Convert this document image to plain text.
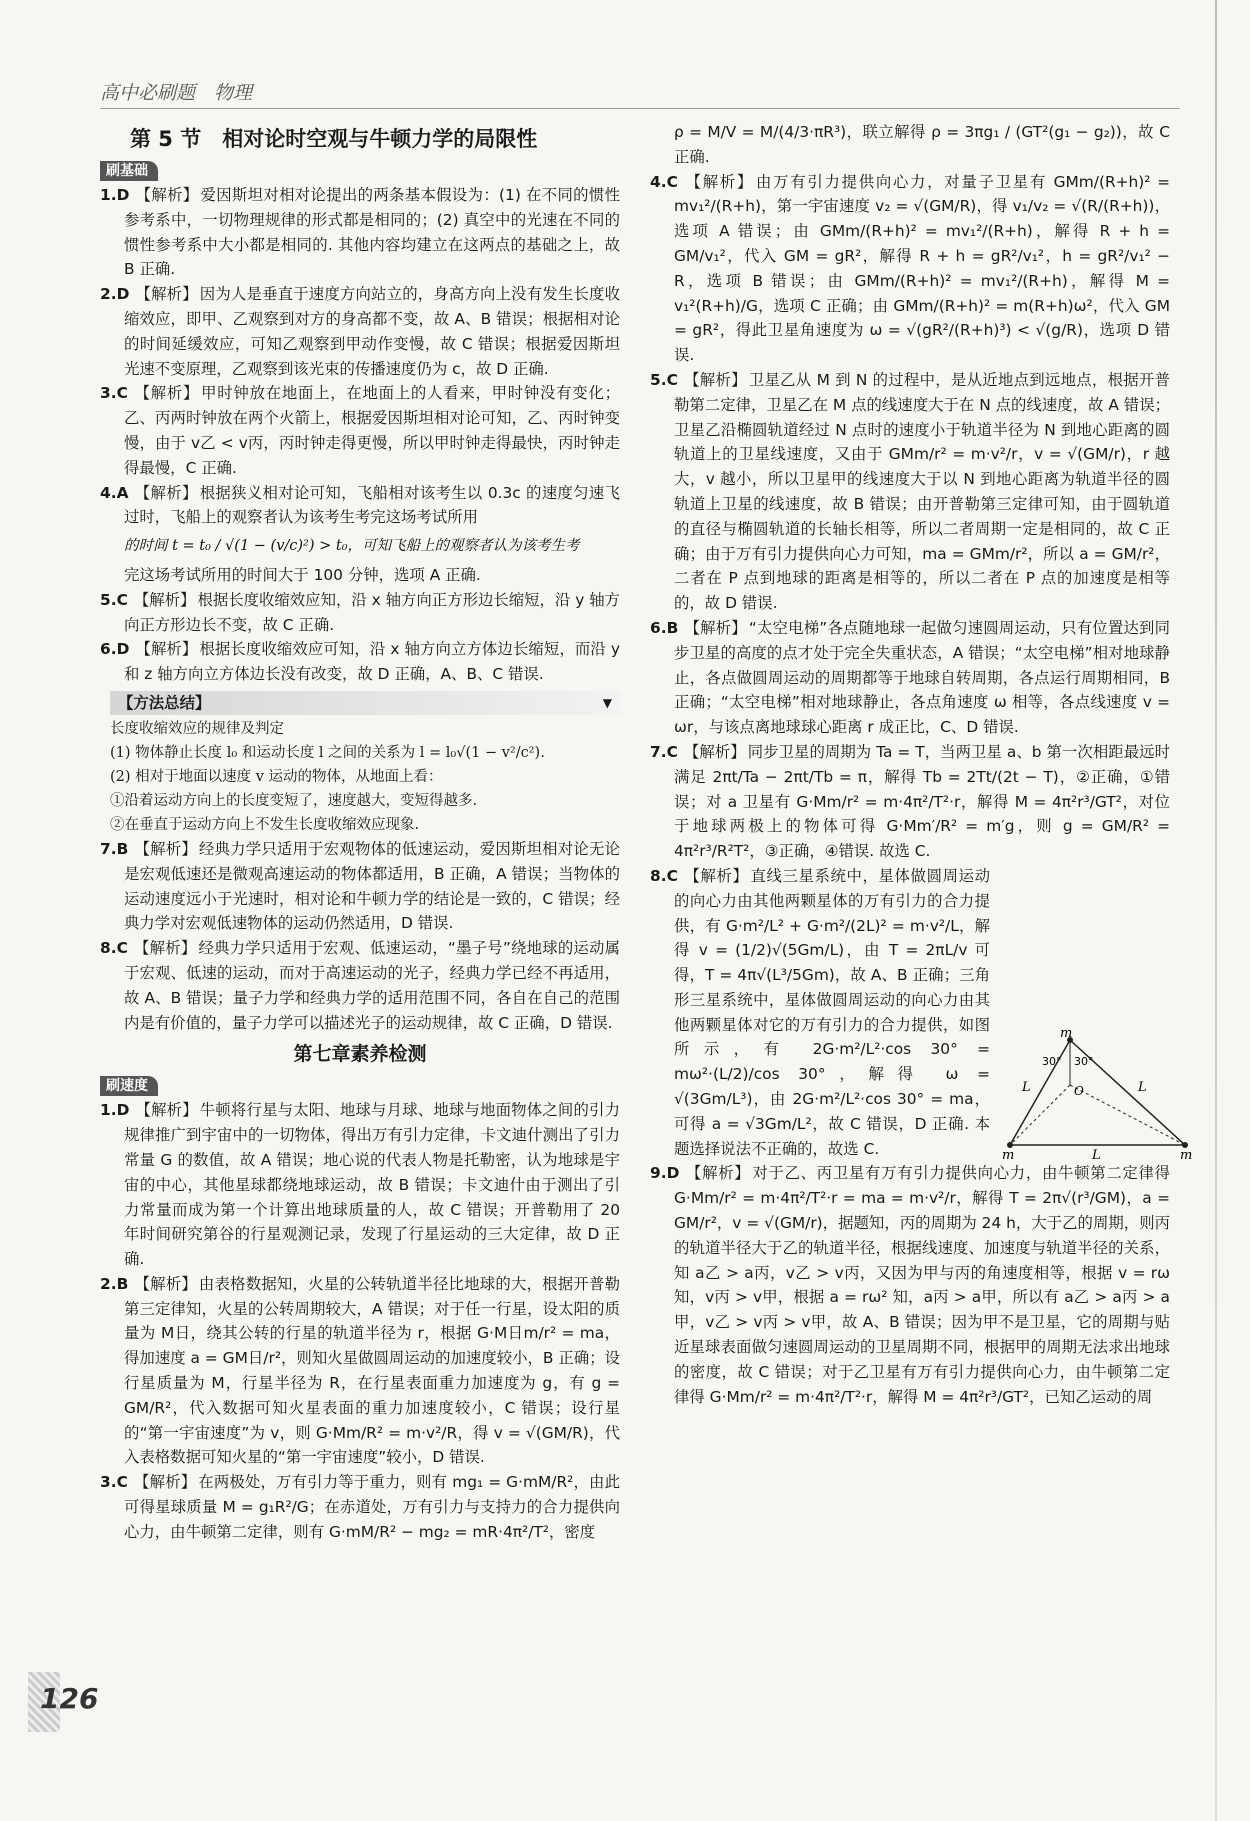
高中必刷题　物理
第 5 节　相对论时空观与牛顿力学的局限性
刷基础

1.D 【解析】 爱因斯坦对相对论提出的两条基本假设为：(1) 在不同的惯性参考系中，一切物理规律的形式都是相同的；(2) 真空中的光速在不同的惯性参考系中大小都是相同的. 其他内容均建立在这两点的基础之上，故 B 正确.

2.D 【解析】 因为人是垂直于速度方向站立的，身高方向上没有发生长度收缩效应，即甲、乙观察到对方的身高都不变，故 A、B 错误；根据相对论的时间延缓效应，可知乙观察到甲动作变慢，故 C 错误；根据爱因斯坦光速不变原理，乙观察到该光束的传播速度仍为 c，故 D 正确.

3.C 【解析】 甲时钟放在地面上，在地面上的人看来，甲时钟没有变化；乙、丙两时钟放在两个火箭上，根据爱因斯坦相对论可知，乙、丙时钟变慢，由于 v乙 < v丙，丙时钟走得更慢，所以甲时钟走得最快，丙时钟走得最慢，C 正确.

4.A 【解析】 根据狭义相对论可知，飞船相对该考生以 0.3c 的速度匀速飞过时，飞船上的观察者认为该考生考完这场考试所用

的时间 t = t₀ / √(1 − (v/c)²) > t₀，可知飞船上的观察者认为该考生考

完这场考试所用的时间大于 100 分钟，选项 A 正确.

5.C 【解析】 根据长度收缩效应知，沿 x 轴方向正方形边长缩短，沿 y 轴方向正方形边长不变，故 C 正确.

6.D 【解析】 根据长度收缩效应可知，沿 x 轴方向立方体边长缩短，而沿 y 和 z 轴方向立方体边长没有改变，故 D 正确，A、B、C 错误.

【方法总结】	▼
长度收缩效应的规律及判定
(1) 物体静止长度 l₀ 和运动长度 l 之间的关系为 l = l₀√(1 − v²/c²).
(2) 相对于地面以速度 v 运动的物体，从地面上看：
①沿着运动方向上的长度变短了，速度越大，变短得越多.
②在垂直于运动方向上不发生长度收缩效应现象.

7.B 【解析】 经典力学只适用于宏观物体的低速运动，爱因斯坦相对论无论是宏观低速还是微观高速运动的物体都适用，B 正确，A 错误；当物体的运动速度远小于光速时，相对论和牛顿力学的结论是一致的，C 错误；经典力学对宏观低速物体的运动仍然适用，D 错误.

8.C 【解析】 经典力学只适用于宏观、低速运动，“墨子号”绕地球的运动属于宏观、低速的运动，而对于高速运动的光子，经典力学已经不再适用，故 A、B 错误；量子力学和经典力学的适用范围不同，各自在自己的范围内是有价值的，量子力学可以描述光子的运动规律，故 C 正确，D 错误.

第七章素养检测
刷速度

1.D 【解析】 牛顿将行星与太阳、地球与月球、地球与地面物体之间的引力规律推广到宇宙中的一切物体，得出万有引力定律，卡文迪什测出了引力常量 G 的数值，故 A 错误；地心说的代表人物是托勒密，认为地球是宇宙的中心，其他星球都绕地球运动，故 B 错误；卡文迪什由于测出了引力常量而成为第一个计算出地球质量的人，故 C 错误；开普勒用了 20 年时间研究第谷的行星观测记录，发现了行星运动的三大定律，故 D 正确.

2.B 【解析】 由表格数据知，火星的公转轨道半径比地球的大，根据开普勒第三定律知，火星的公转周期较大，A 错误；对于任一行星，设太阳的质量为 M日，绕其公转的行星的轨道半径为 r，根据 G·M日m/r² = ma，得加速度 a = GM日/r²，则知火星做圆周运动的加速度较小，B 正确；设行星质量为 M，行星半径为 R，在行星表面重力加速度为 g，有 g = GM/R²，代入数据可知火星表面的重力加速度较小，C 错误；设行星的“第一宇宙速度”为 v，则 G·Mm/R² = m·v²/R，得 v = √(GM/R)，代入表格数据可知火星的“第一宇宙速度”较小，D 错误.

3.C 【解析】 在两极处，万有引力等于重力，则有 mg₁ = G·mM/R²，由此可得星球质量 M = g₁R²/G；在赤道处，万有引力与支持力的合力提供向心力，由牛顿第二定律，则有 G·mM/R² − mg₂ = mR·4π²/T²，密度

ρ = M/V = M/(4/3·πR³)，联立解得 ρ = 3πg₁ / (GT²(g₁ − g₂))，故 C 正确.

4.C 【解析】 由万有引力提供向心力，对量子卫星有 GMm/(R+h)² = mv₁²/(R+h)，第一宇宙速度 v₂ = √(GM/R)，得 v₁/v₂ = √(R/(R+h))，选项 A 错误；由 GMm/(R+h)² = mv₁²/(R+h)，解得 R + h = GM/v₁²，代入 GM = gR²，解得 R + h = gR²/v₁²，h = gR²/v₁² − R，选项 B 错误；由 GMm/(R+h)² = mv₁²/(R+h)，解得 M = v₁²(R+h)/G，选项 C 正确；由 GMm/(R+h)² = m(R+h)ω²，代入 GM = gR²，得此卫星角速度为 ω = √(gR²/(R+h)³) < √(g/R)，选项 D 错误.

5.C 【解析】 卫星乙从 M 到 N 的过程中，是从近地点到远地点，根据开普勒第二定律，卫星乙在 M 点的线速度大于在 N 点的线速度，故 A 错误；卫星乙沿椭圆轨道经过 N 点时的速度小于轨道半径为 N 到地心距离的圆轨道上的卫星线速度，又由于 GMm/r² = m·v²/r，v = √(GM/r)，r 越大，v 越小，所以卫星甲的线速度大于以 N 到地心距离为轨道半径的圆轨道上卫星的线速度，故 B 错误；由开普勒第三定律可知，由于圆轨道的直径与椭圆轨道的长轴长相等，所以二者周期一定是相同的，故 C 正确；由于万有引力提供向心力可知，ma = GMm/r²，所以 a = GM/r²，二者在 P 点到地球的距离是相等的，所以二者在 P 点的加速度是相等的，故 D 错误.

6.B 【解析】 “太空电梯”各点随地球一起做匀速圆周运动，只有位置达到同步卫星的高度的点才处于完全失重状态，A 错误；“太空电梯”相对地球静止，各点做圆周运动的周期都等于地球自转周期，各点运行周期相同，B 正确；“太空电梯”相对地球静止，各点角速度 ω 相等，各点线速度 v = ωr，与该点离地球球心距离 r 成正比，C、D 错误.

7.C 【解析】 同步卫星的周期为 Ta = T，当两卫星 a、b 第一次相距最远时满足 2πt/Ta − 2πt/Tb = π，解得 Tb = 2Tt/(2t − T)，②正确，①错误；对 a 卫星有 G·Mm/r² = m·4π²/T²·r，解得 M = 4π²r³/GT²，对位于地球两极上的物体可得 G·Mm′/R² = m′g，则 g = GM/R² = 4π²r³/R²T²，③正确，④错误. 故选 C.

8.C 【解析】 直线三星系统中，星体做圆周运动的向心力由其他两颗星体的万有引力的合力提供，有 G·m²/L² + G·m²/(2L)² = m·v²/L，解得 v = (1/2)√(5Gm/L)，由 T = 2πL/v 可得，T = 4π√(L³/5Gm)，故 A、B 正确；三角形三星系统中，星体做圆周运动的向心力由其他两颗星体对它的万有引力的合力提供，如图所示，有 2G·m²/L²·cos 30° = mω²·(L/2)/cos 30°，解得 ω = √(3Gm/L³)，由 2G·m²/L²·cos 30° = ma，可得 a = √3Gm/L²，故 C 错误，D 正确. 本题选择说法不正确的，故选 C.

9.D 【解析】 对于乙、丙卫星有万有引力提供向心力，由牛顿第二定律得 G·Mm/r² = m·4π²/T²·r = ma = m·v²/r，解得 T = 2π√(r³/GM)，a = GM/r²，v = √(GM/r)，据题知，丙的周期为 24 h，大于乙的周期，则丙的轨道半径大于乙的轨道半径，根据线速度、加速度与轨道半径的关系，知 a乙 > a丙，v乙 > v丙，又因为甲与丙的角速度相等，根据 v = rω 知，v丙 > v甲，根据 a = rω² 知，a丙 > a甲，所以有 a乙 > a丙 > a甲，v乙 > v丙 > v甲，故 A、B 错误；因为甲不是卫星，它的周期与贴近星球表面做匀速圆周运动的卫星周期不同，根据甲的周期无法求出地球的密度，故 C 错误；对于乙卫星有万有引力提供向心力，由牛顿第二定律得 G·Mm/r² = m·4π²/T²·r，解得 M = 4π²r³/GT²，已知乙运动的周

m
m	m
L	L
L
30° 30°
O
126
